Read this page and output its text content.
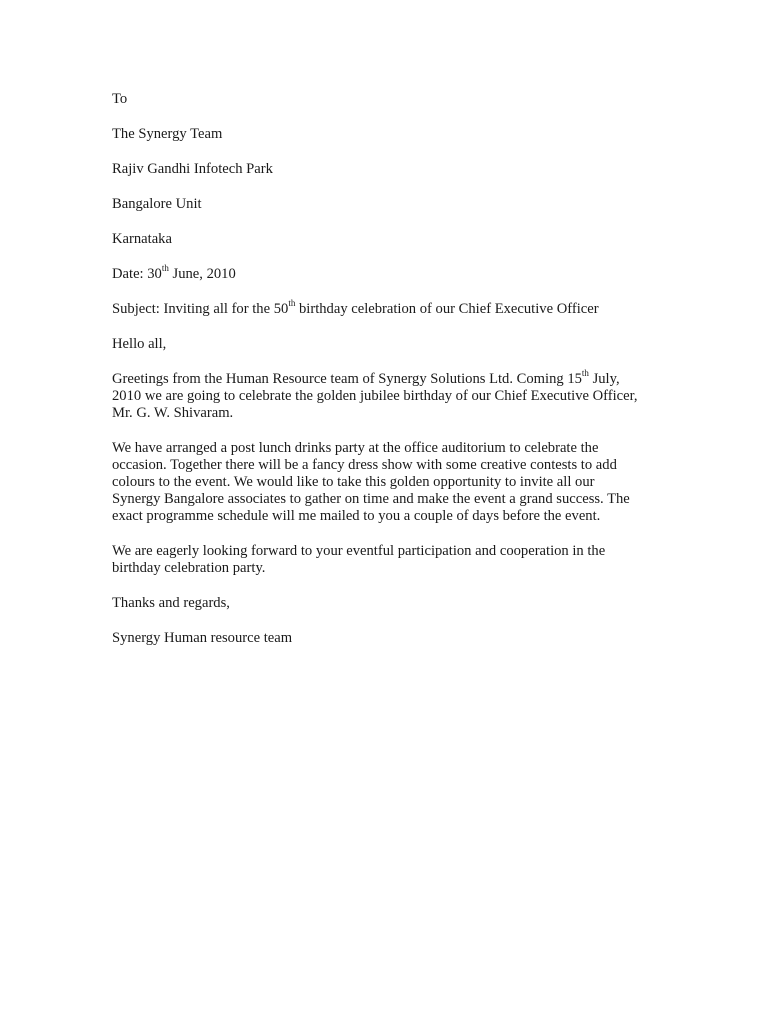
To

The Synergy Team

Rajiv Gandhi Infotech Park

Bangalore Unit

Karnataka

Date: 30th June, 2010

Subject: Inviting all for the 50th birthday celebration of our Chief Executive Officer

Hello all,

Greetings from the Human Resource team of Synergy Solutions Ltd. Coming 15th July, 2010 we are going to celebrate the golden jubilee birthday of our Chief Executive Officer, Mr. G. W. Shivaram.

We have arranged a post lunch drinks party at the office auditorium to celebrate the occasion. Together there will be a fancy dress show with some creative contests to add colours to the event. We would like to take this golden opportunity to invite all our Synergy Bangalore associates to gather on time and make the event a grand success. The exact programme schedule will me mailed to you a couple of days before the event.

We are eagerly looking forward to your eventful participation and cooperation in the birthday celebration party.

Thanks and regards,

Synergy Human resource team
